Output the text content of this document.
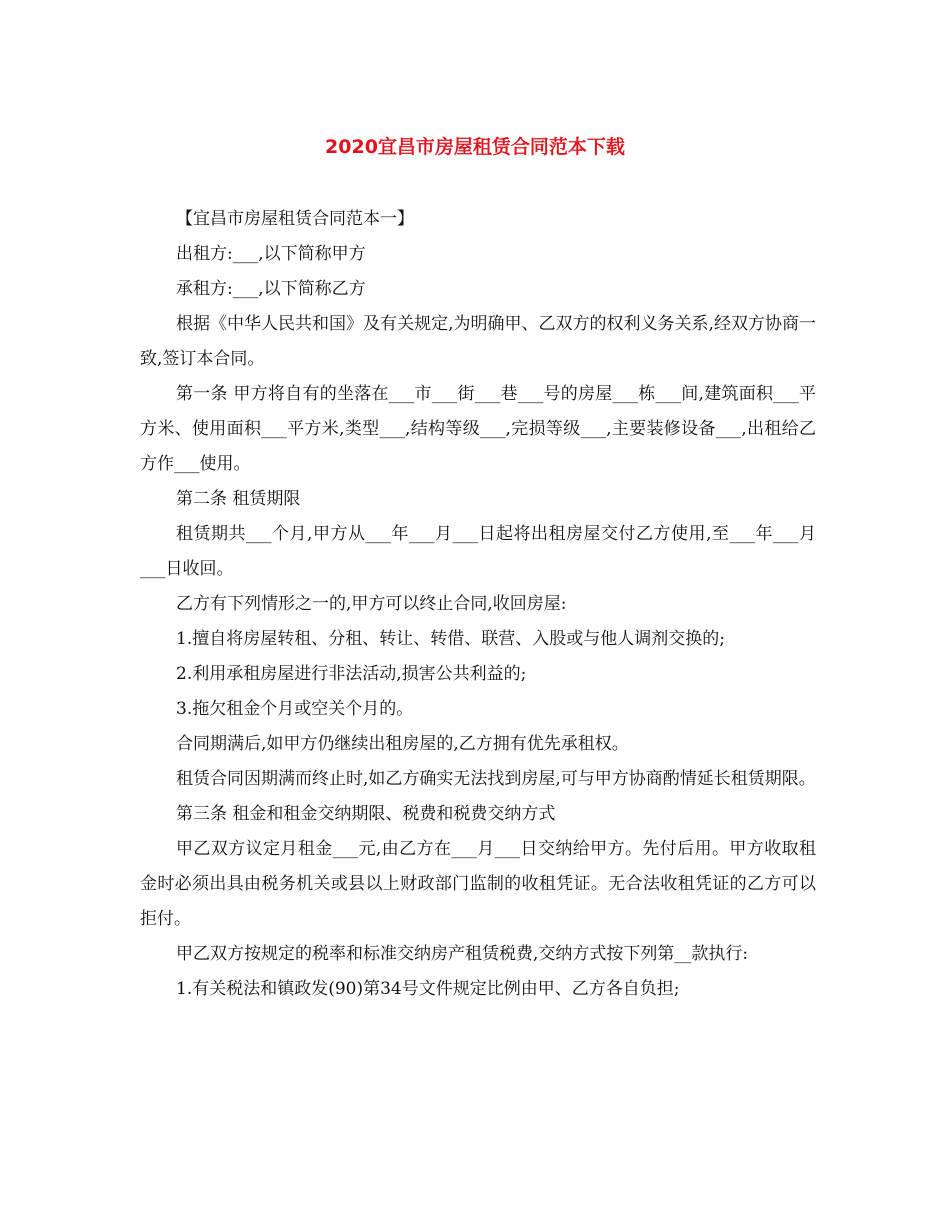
2020宜昌市房屋租赁合同范本下载

【宜昌市房屋租赁合同范本一】

出租方:___,以下简称甲方

承租方:___,以下简称乙方

根据《中华人民共和国》及有关规定,为明确甲、乙双方的权利义务关系,经双方协商一致,签订本合同。

第一条 甲方将自有的坐落在___市___街___巷___号的房屋___栋___间,建筑面积___平方米、使用面积___平方米,类型___,结构等级___,完损等级___,主要装修设备___,出租给乙方作___使用。

第二条 租赁期限

租赁期共___个月,甲方从___年___月___日起将出租房屋交付乙方使用,至___年___月___日收回。

乙方有下列情形之一的,甲方可以终止合同,收回房屋:

1.擅自将房屋转租、分租、转让、转借、联营、入股或与他人调剂交换的;

2.利用承租房屋进行非法活动,损害公共利益的;

3.拖欠租金个月或空关个月的。

合同期满后,如甲方仍继续出租房屋的,乙方拥有优先承租权。

租赁合同因期满而终止时,如乙方确实无法找到房屋,可与甲方协商酌情延长租赁期限。

第三条 租金和租金交纳期限、税费和税费交纳方式

甲乙双方议定月租金___元,由乙方在___月___日交纳给甲方。先付后用。甲方收取租金时必须出具由税务机关或县以上财政部门监制的收租凭证。无合法收租凭证的乙方可以拒付。

甲乙双方按规定的税率和标准交纳房产租赁税费,交纳方式按下列第__款执行:

1.有关税法和镇政发(90)第34号文件规定比例由甲、乙方各自负担;
